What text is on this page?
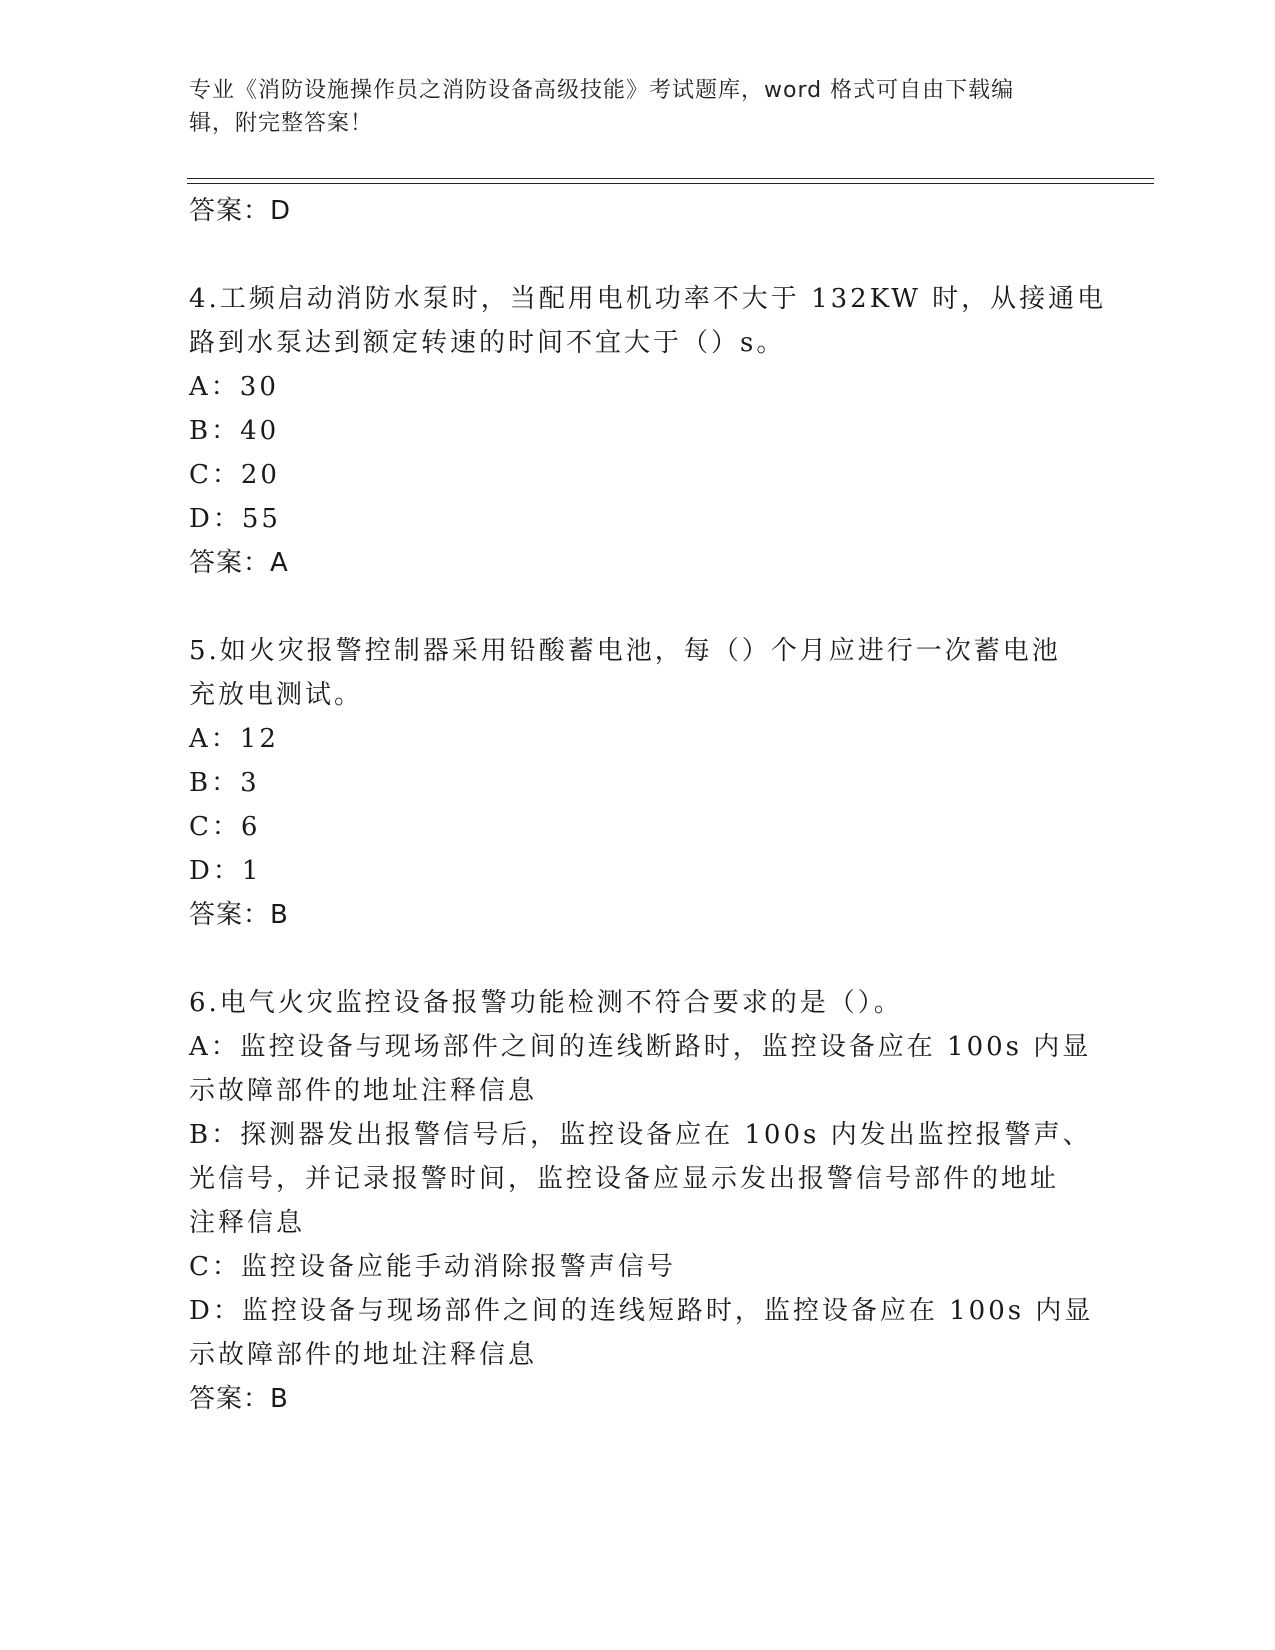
专业《消防设施操作员之消防设备高级技能》考试题库，word 格式可自由下载编
辑，附完整答案！
答案：D
4.工频启动消防水泵时，当配用电机功率不大于 132KW 时，从接通电
路到水泵达到额定转速的时间不宜大于（）s。
A：30
B：40
C：20
D：55
答案：A
5.如火灾报警控制器采用铅酸蓄电池，每（）个月应进行一次蓄电池
充放电测试。
A：12
B：3
C：6
D：1
答案：B
6.电气火灾监控设备报警功能检测不符合要求的是（）。
A：监控设备与现场部件之间的连线断路时，监控设备应在 100s 内显
示故障部件的地址注释信息
B：探测器发出报警信号后，监控设备应在 100s 内发出监控报警声、
光信号，并记录报警时间，监控设备应显示发出报警信号部件的地址
注释信息
C：监控设备应能手动消除报警声信号
D：监控设备与现场部件之间的连线短路时，监控设备应在 100s 内显
示故障部件的地址注释信息
答案：B
